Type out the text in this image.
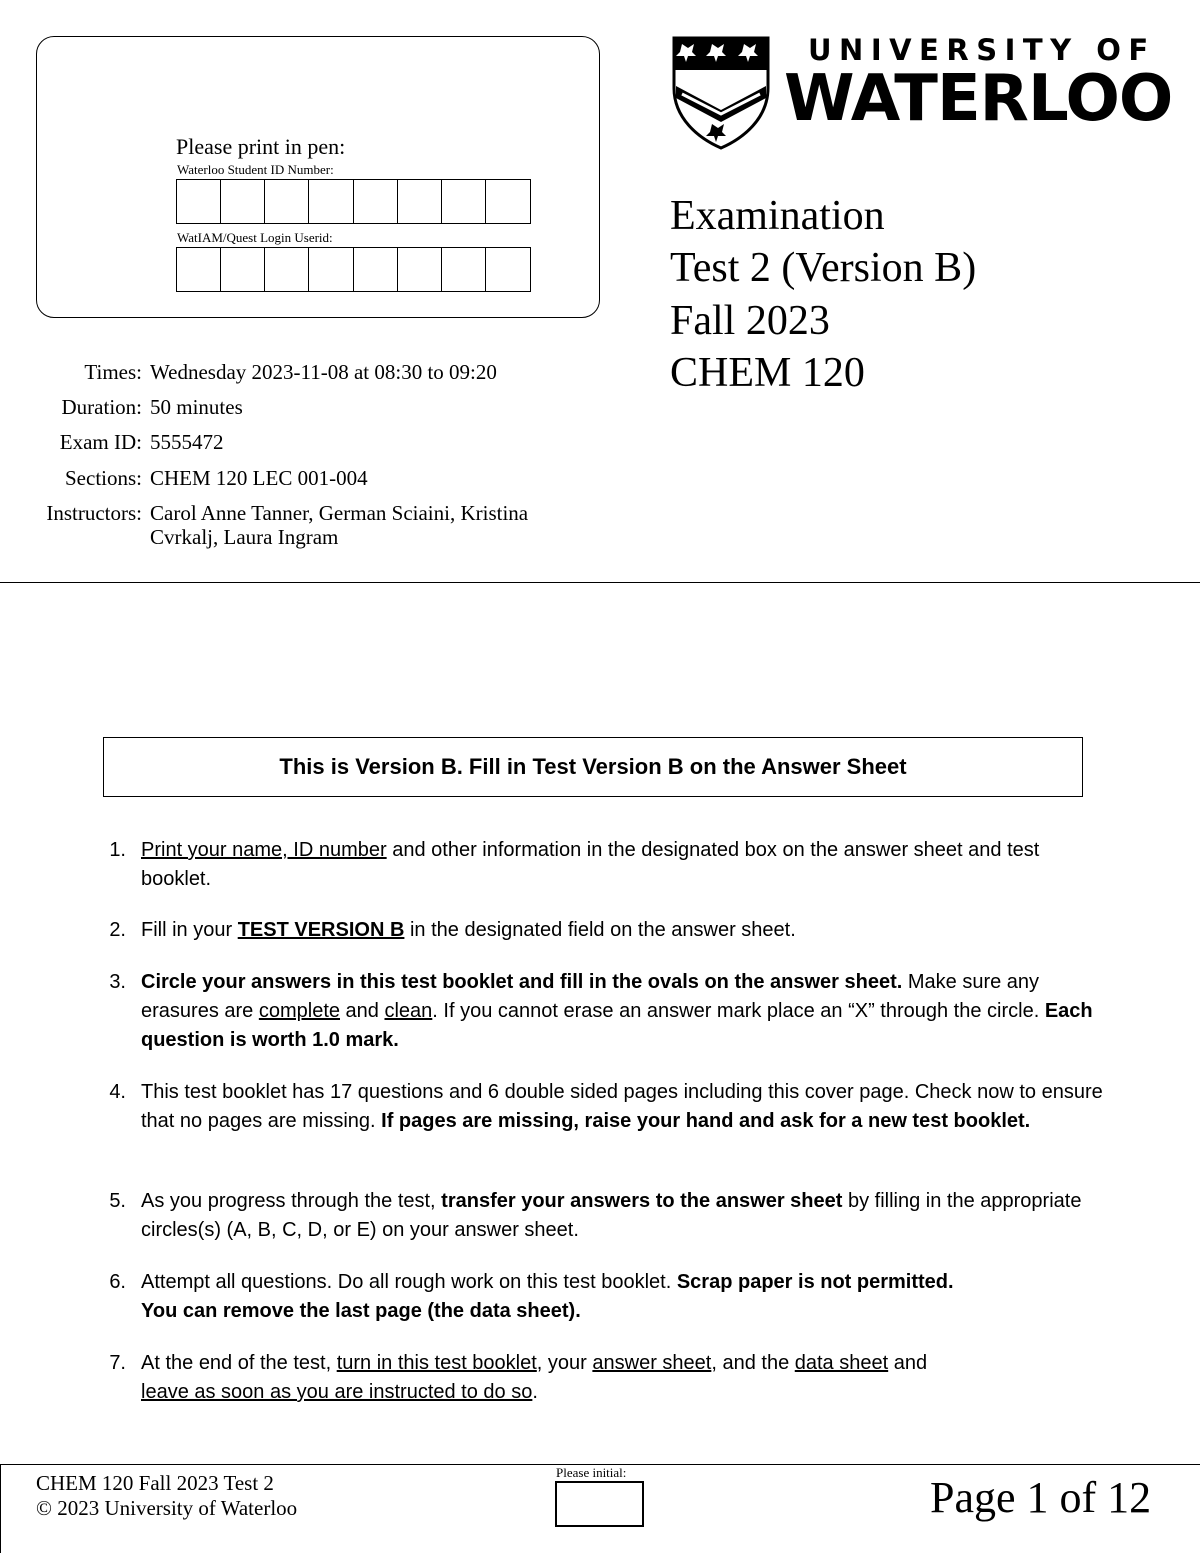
Please print in pen:
Waterloo Student ID Number:
WatIAM/Quest Login Userid:
UNIVERSITY OF
WATERLOO
Examination
Test 2 (Version B)
Fall 2023
CHEM 120
Times: Wednesday 2023-11-08 at 08:30 to 09:20
Duration: 50 minutes
Exam ID: 5555472
Sections: CHEM 120 LEC 001-004
Instructors: Carol Anne Tanner, German Sciaini, Kristina Cvrkalj, Laura Ingram
This is Version B. Fill in Test Version B on the Answer Sheet
1. Print your name, ID number and other information in the designated box on the answer sheet and test booklet.
2. Fill in your TEST VERSION B in the designated field on the answer sheet.
3. Circle your answers in this test booklet and fill in the ovals on the answer sheet. Make sure any erasures are complete and clean. If you cannot erase an answer mark place an “X” through the circle. Each question is worth 1.0 mark.
4. This test booklet has 17 questions and 6 double sided pages including this cover page. Check now to ensure that no pages are missing. If pages are missing, raise your hand and ask for a new test booklet.
5. As you progress through the test, transfer your answers to the answer sheet by filling in the appropriate circles(s) (A, B, C, D, or E) on your answer sheet.
6. Attempt all questions. Do all rough work on this test booklet. Scrap paper is not permitted.
You can remove the last page (the data sheet).
7. At the end of the test, turn in this test booklet, your answer sheet, and the data sheet and
leave as soon as you are instructed to do so.
CHEM 120 Fall 2023 Test 2
© 2023 University of Waterloo
Please initial:
Page 1 of 12
